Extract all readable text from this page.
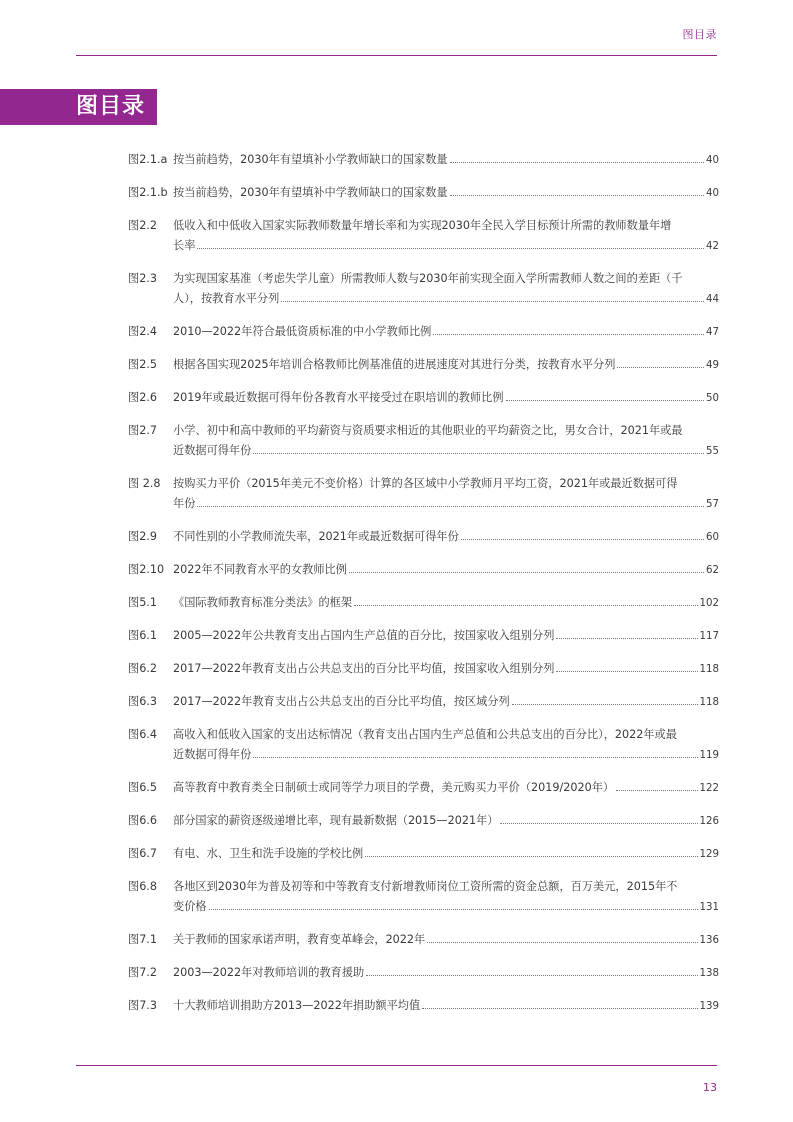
图目录
图目录
图2.1.a 按当前趋势，2030年有望填补小学教师缺口的国家数量	40
图2.1.b 按当前趋势，2030年有望填补中学教师缺口的国家数量	40
图2.2	低收入和中低收入国家实际教师数量年增长率和为实现2030年全民入学目标预计所需的教师数量年增
长率	42
图2.3	为实现国家基准（考虑失学儿童）所需教师人数与2030年前实现全面入学所需教师人数之间的差距（千
人），按教育水平分列	44
图2.4	2010—2022年符合最低资质标准的中小学教师比例	47
图2.5	根据各国实现2025年培训合格教师比例基准值的进展速度对其进行分类，按教育水平分列	49
图2.6	2019年或最近数据可得年份各教育水平接受过在职培训的教师比例	50
图2.7	小学、初中和高中教师的平均薪资与资质要求相近的其他职业的平均薪资之比，男女合计，2021年或最
近数据可得年份	55
图 2.8	按购买力平价（2015年美元不变价格）计算的各区域中小学教师月平均工资，2021年或最近数据可得
年份	57
图2.9	不同性别的小学教师流失率，2021年或最近数据可得年份	60
图2.10 2022年不同教育水平的女教师比例	62
图5.1	《国际教师教育标准分类法》的框架	102
图6.1	2005—2022年公共教育支出占国内生产总值的百分比，按国家收入组别分列	117
图6.2	2017—2022年教育支出占公共总支出的百分比平均值，按国家收入组别分列	118
图6.3	2017—2022年教育支出占公共总支出的百分比平均值，按区域分列	118
图6.4	高收入和低收入国家的支出达标情况（教育支出占国内生产总值和公共总支出的百分比），2022年或最
近数据可得年份	119
图6.5	高等教育中教育类全日制硕士或同等学力项目的学费，美元购买力平价（2019/2020年）	122
图6.6	部分国家的薪资逐级递增比率，现有最新数据（2015—2021年）	126
图6.7	有电、水、卫生和洗手设施的学校比例	129
图6.8	各地区到2030年为普及初等和中等教育支付新增教师岗位工资所需的资金总额，百万美元，2015年不
变价格	131
图7.1	关于教师的国家承诺声明，教育变革峰会，2022年	136
图7.2	2003—2022年对教师培训的教育援助	138
图7.3	十大教师培训捐助方2013—2022年捐助额平均值	139
13
